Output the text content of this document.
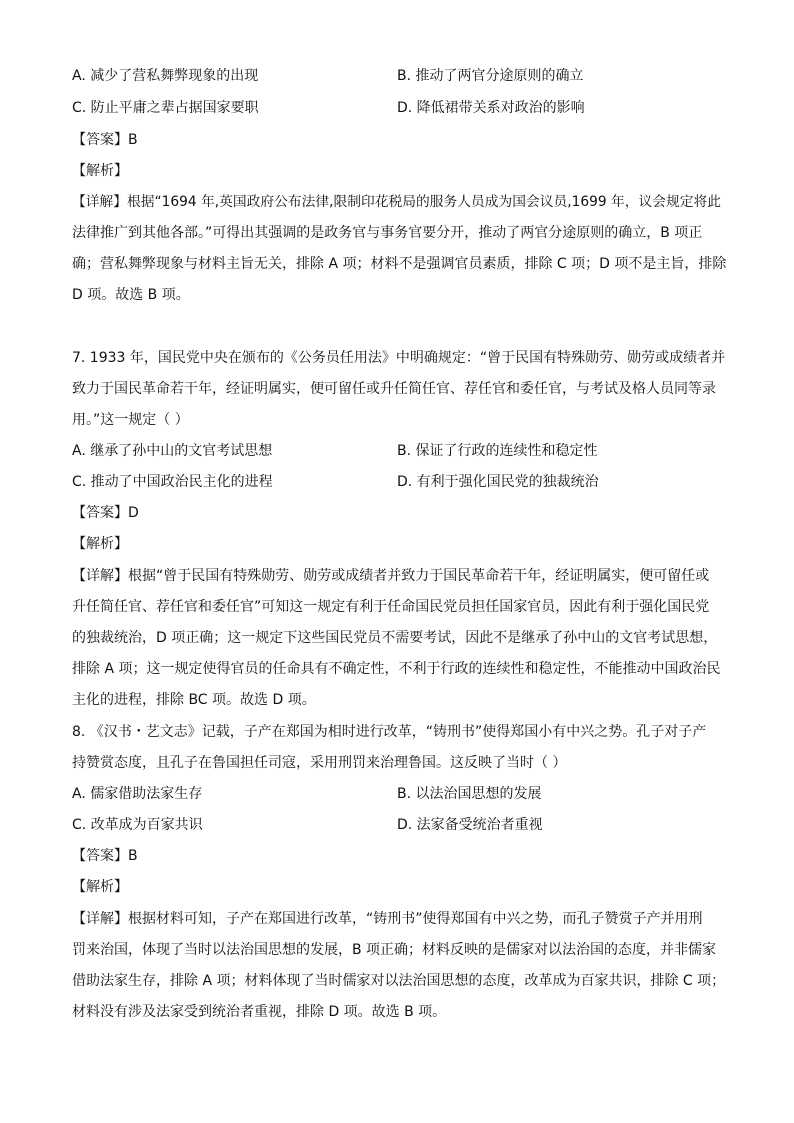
A. 减少了营私舞弊现象的出现	B. 推动了两官分途原则的确立
C. 防止平庸之辈占据国家要职	D. 降低裙带关系对政治的影响
【答案】B
【解析】
【详解】根据“1694 年,英国政府公布法律,限制印花税局的服务人员成为国会议员,1699 年，议会规定将此
法律推广到其他各部。”可得出其强调的是政务官与事务官要分开，推动了两官分途原则的确立，B 项正
确；营私舞弊现象与材料主旨无关，排除 A 项；材料不是强调官员素质，排除 C 项；D 项不是主旨，排除
D 项。故选 B 项。
7. 1933 年，国民党中央在颁布的《公务员任用法》中明确规定：“曾于民国有特殊勋劳、勋劳或成绩者并
致力于国民革命若干年，经证明属实，便可留任或升任简任官、荐任官和委任官，与考试及格人员同等录
用。”这一规定（ ）
A. 继承了孙中山的文官考试思想	B. 保证了行政的连续性和稳定性
C. 推动了中国政治民主化的进程	D. 有利于强化国民党的独裁统治
【答案】D
【解析】
【详解】根据“曾于民国有特殊勋劳、勋劳或成绩者并致力于国民革命若干年，经证明属实，便可留任或
升任简任官、荐任官和委任官”可知这一规定有利于任命国民党员担任国家官员，因此有利于强化国民党
的独裁统治，D 项正确；这一规定下这些国民党员不需要考试，因此不是继承了孙中山的文官考试思想，
排除 A 项；这一规定使得官员的任命具有不确定性，不利于行政的连续性和稳定性，不能推动中国政治民
主化的进程，排除 BC 项。故选 D 项。
8. 《汉书・艺文志》记载，子产在郑国为相时进行改革，“铸刑书”使得郑国小有中兴之势。孔子对子产
持赞赏态度，且孔子在鲁国担任司寇，采用刑罚来治理鲁国。这反映了当时（ ）
A. 儒家借助法家生存	B. 以法治国思想的发展
C. 改革成为百家共识	D. 法家备受统治者重视
【答案】B
【解析】
【详解】根据材料可知，子产在郑国进行改革，“铸刑书”使得郑国有中兴之势，而孔子赞赏子产并用刑
罚来治国，体现了当时以法治国思想的发展，B 项正确；材料反映的是儒家对以法治国的态度，并非儒家
借助法家生存，排除 A 项；材料体现了当时儒家对以法治国思想的态度，改革成为百家共识，排除 C 项；
材料没有涉及法家受到统治者重视，排除 D 项。故选 B 项。
